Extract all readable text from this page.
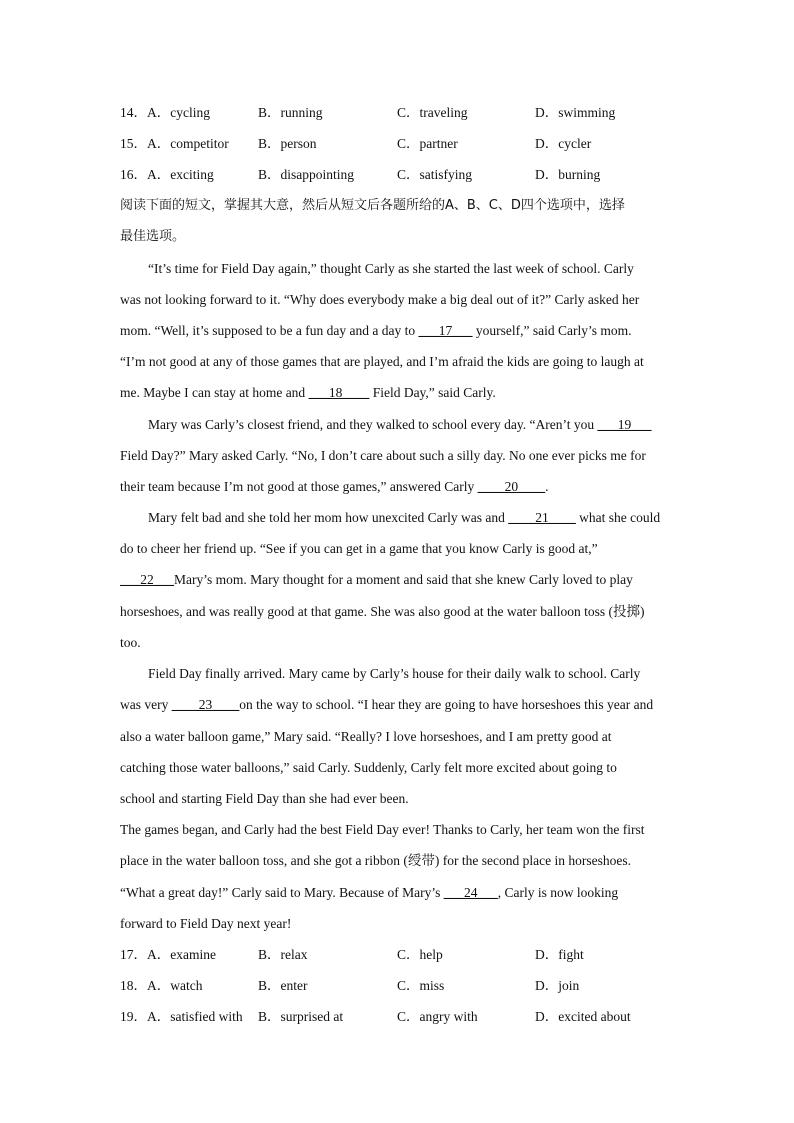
14．A．cycling	B．running	C．traveling	D．swimming
15．A．competitor B．person	C．partner	D．cycler
16．A．exciting	B．disappointing	C．satisfying	D．burning
阅读下面的短文，掌握其大意，然后从短文后各题所给的A、B、C、D四个选项中，选择
最佳选项。
“It’s time for Field Day again,” thought Carly as she started the last week of school. Carly
was not looking forward to it. “Why does everybody make a big deal out of it?” Carly asked her
mom. “Well, it’s supposed to be a fun day and a day to ___17___ yourself,” said Carly’s mom.
“I’m not good at any of those games that are played, and I’m afraid the kids are going to laugh at
me. Maybe I can stay at home and ___18____ Field Day,” said Carly.
Mary was Carly’s closest friend, and they walked to school every day. “Aren’t you ___19___
Field Day?” Mary asked Carly. “No, I don’t care about such a silly day. No one ever picks me for
their team because I’m not good at those games,” answered Carly ____20____.
Mary felt bad and she told her mom how unexcited Carly was and ____21____ what she could
do to cheer her friend up. “See if you can get in a game that you know Carly is good at,”
___22___Mary’s mom. Mary thought for a moment and said that she knew Carly loved to play
horseshoes, and was really good at that game. She was also good at the water balloon toss (投掷)
too.
Field Day finally arrived. Mary came by Carly’s house for their daily walk to school. Carly
was very ____23____on the way to school. “I hear they are going to have horseshoes this year and
also a water balloon game,” Mary said. “Really? I love horseshoes, and I am pretty good at
catching those water balloons,” said Carly. Suddenly, Carly felt more excited about going to
school and starting Field Day than she had ever been.
The games began, and Carly had the best Field Day ever! Thanks to Carly, her team won the first
place in the water balloon toss, and she got a ribbon (绶带) for the second place in horseshoes.
“What a great day!” Carly said to Mary. Because of Mary’s ___24___, Carly is now looking
forward to Field Day next year!
17．A．examine	B．relax	C．help	D．fight
18．A．watch	B．enter	C．miss	D．join
19．A．satisfied with B．surprised at	C．angry with	D．excited about
